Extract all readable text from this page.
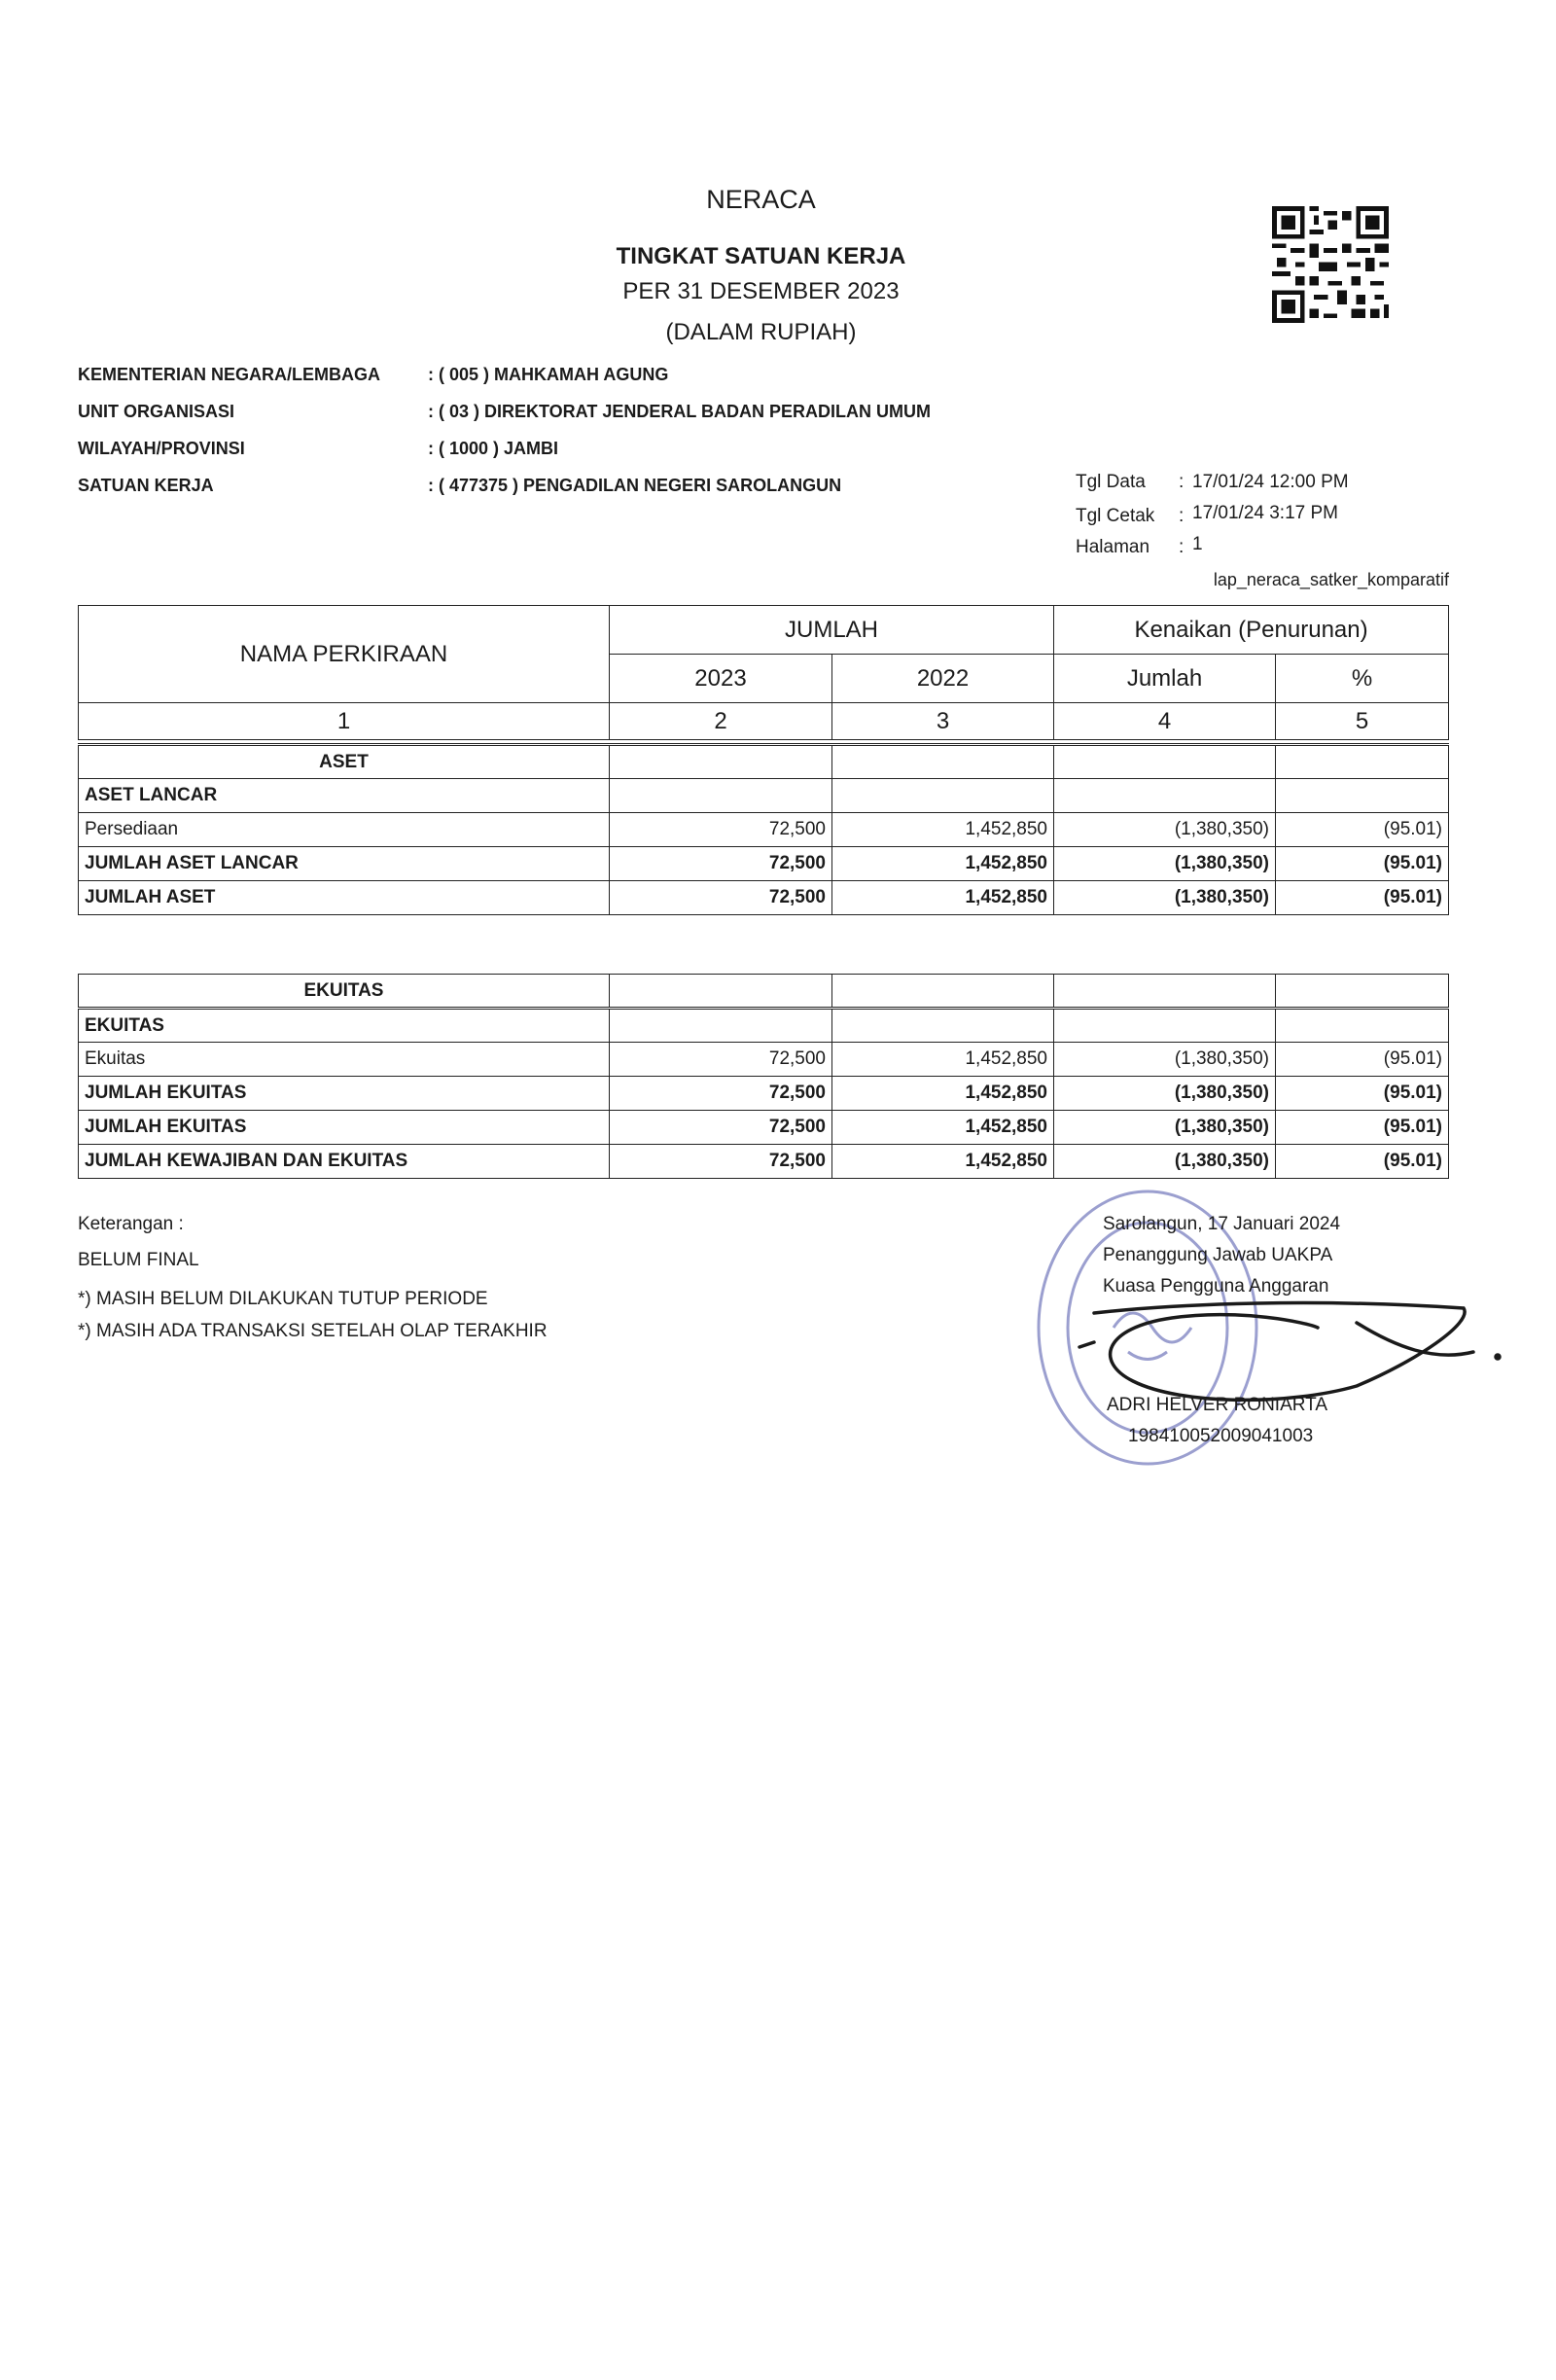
NERACA
TINGKAT SATUAN KERJA
PER 31 DESEMBER 2023
(DALAM RUPIAH)
KEMENTERIAN NEGARA/LEMBAGA	: ( 005 ) MAHKAMAH AGUNG
UNIT ORGANISASI	: ( 03 ) DIREKTORAT JENDERAL BADAN PERADILAN UMUM
WILAYAH/PROVINSI	: ( 1000 ) JAMBI
SATUAN KERJA	: ( 477375 ) PENGADILAN NEGERI SAROLANGUN	Tgl Data : 17/01/24 12:00 PM
Tgl Cetak : 17/01/24 3:17 PM
Halaman : 1
lap_neraca_satker_komparatif
NAMA PERKIRAAN	JUMLAH		Kenaikan (Penurunan)	
	2023	2022	Jumlah	%
1	2	3	4	5
ASET				
ASET LANCAR				
Persediaan	72,500	1,452,850	(1,380,350)	(95.01)
JUMLAH ASET LANCAR	72,500	1,452,850	(1,380,350)	(95.01)
JUMLAH ASET	72,500	1,452,850	(1,380,350)	(95.01)
EKUITAS				
EKUITAS				
Ekuitas	72,500	1,452,850	(1,380,350)	(95.01)
JUMLAH EKUITAS	72,500	1,452,850	(1,380,350)	(95.01)
JUMLAH EKUITAS	72,500	1,452,850	(1,380,350)	(95.01)
JUMLAH KEWAJIBAN DAN EKUITAS	72,500	1,452,850	(1,380,350)	(95.01)
Keterangan :
BELUM FINAL
*) MASIH BELUM DILAKUKAN TUTUP PERIODE
*) MASIH ADA TRANSAKSI SETELAH OLAP TERAKHIR
Sarolangun, 17 Januari 2024
Penanggung Jawab UAKPA
Kuasa Pengguna Anggaran
ADRI HELVER RONIARTA
198410052009041003
